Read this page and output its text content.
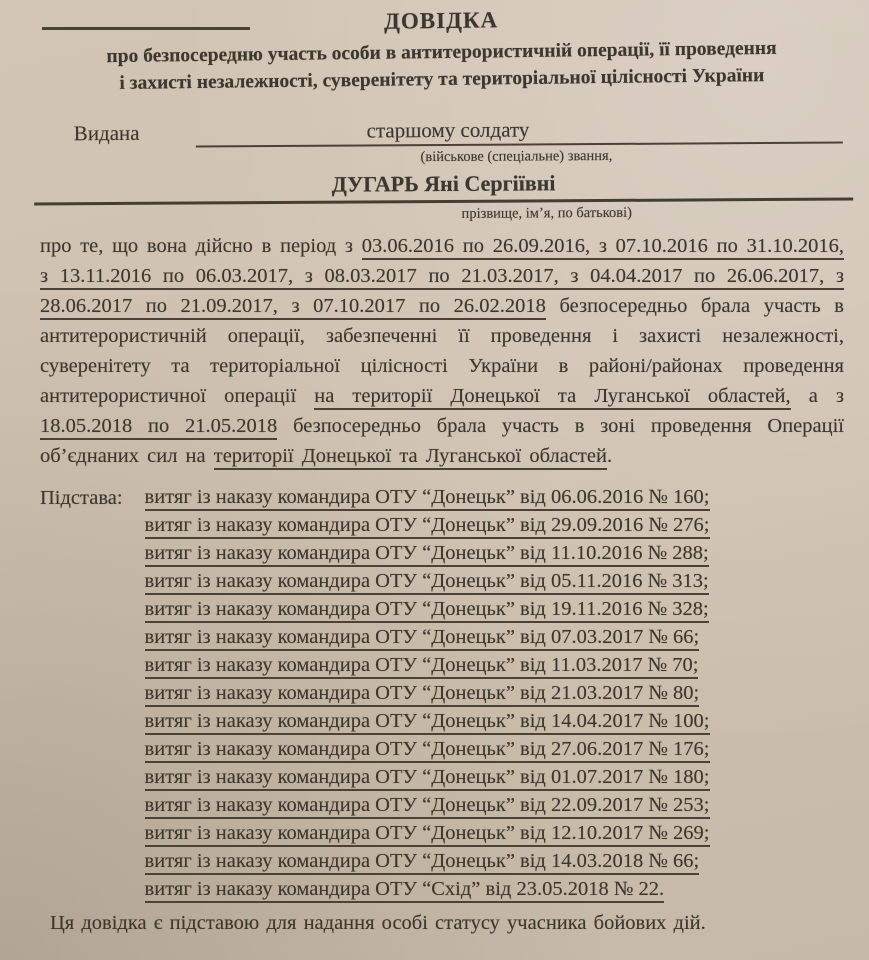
ДОВІДКА
про безпосередню участь особи в антитерористичній операції, її проведення
і захисті незалежності, суверенітету та територіальної цілісності України
Видана	старшому солдату
(військове (спеціальне) звання,
ДУГАРЬ Яні Сергіївні
прізвище, ім’я, по батькові)
про те, що вона дійсно в період з 03.06.2016 по 26.09.2016, з 07.10.2016 по 31.10.2016, з 13.11.2016 по 06.03.2017, з 08.03.2017 по 21.03.2017, з 04.04.2017 по 26.06.2017, з 28.06.2017 по 21.09.2017, з 07.10.2017 по 26.02.2018 безпосередньо брала участь в антитерористичній операції, забезпеченні її проведення і захисті незалежності, суверенітету та територіальної цілісності України в районі/районах проведення антитерористичної операції на території Донецької та Луганської областей, а з 18.05.2018 по 21.05.2018 безпосередньо брала участь в зоні проведення Операції об’єднаних сил на території Донецької та Луганської областей.
Підстава:	витяг із наказу командира ОТУ “Донецьк” від 06.06.2016 № 160;
витяг із наказу командира ОТУ “Донецьк” від 29.09.2016 № 276;
витяг із наказу командира ОТУ “Донецьк” від 11.10.2016 № 288;
витяг із наказу командира ОТУ “Донецьк” від 05.11.2016 № 313;
витяг із наказу командира ОТУ “Донецьк” від 19.11.2016 № 328;
витяг із наказу командира ОТУ “Донецьк” від 07.03.2017 № 66;
витяг із наказу командира ОТУ “Донецьк” від 11.03.2017 № 70;
витяг із наказу командира ОТУ “Донецьк” від 21.03.2017 № 80;
витяг із наказу командира ОТУ “Донецьк” від 14.04.2017 № 100;
витяг із наказу командира ОТУ “Донецьк” від 27.06.2017 № 176;
витяг із наказу командира ОТУ “Донецьк” від 01.07.2017 № 180;
витяг із наказу командира ОТУ “Донецьк” від 22.09.2017 № 253;
витяг із наказу командира ОТУ “Донецьк” від 12.10.2017 № 269;
витяг із наказу командира ОТУ “Донецьк” від 14.03.2018 № 66;
витяг із наказу командира ОТУ “Схід” від 23.05.2018 № 22.
Ця довідка є підставою для надання особі статусу учасника бойових дій.
